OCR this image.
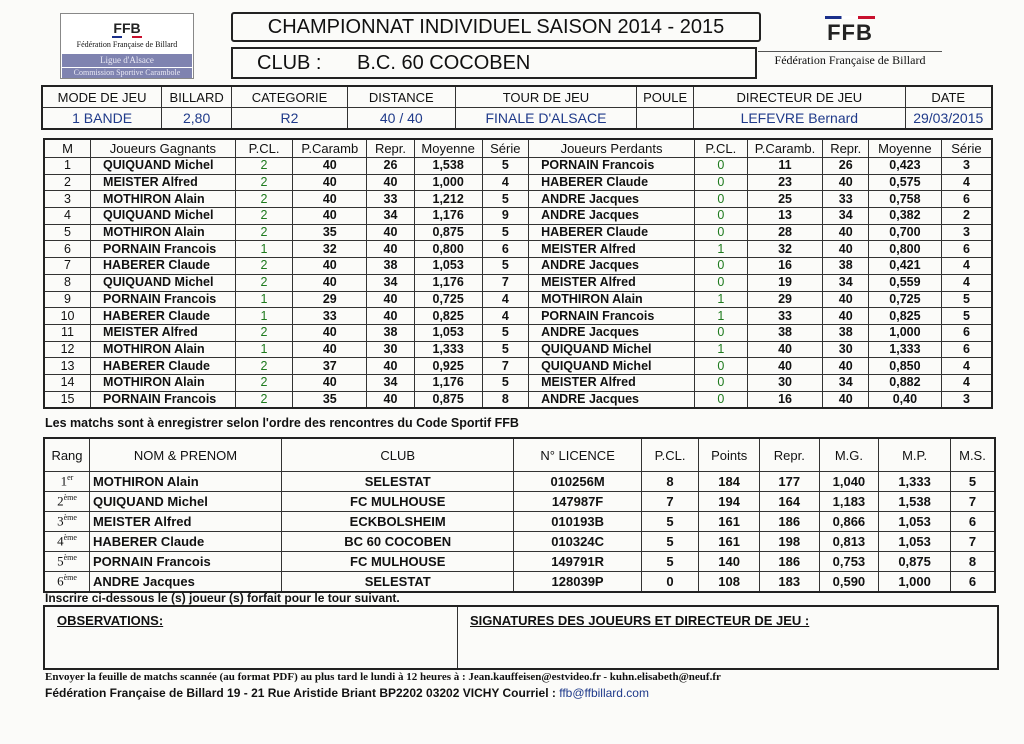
FFB
Fédération Française de Billard
Ligue d'Alsace
Commission Sportive Carambole
CHAMPIONNAT INDIVIDUEL SAISON 2014 - 2015
CLUB : B.C. 60 COCOBEN
FFB
Fédération Française de Billard
MODE DE JEU	BILLARD	CATEGORIE	DISTANCE	TOUR DE JEU	POULE	DIRECTEUR DE JEU	DATE
1 BANDE	2,80	R2	40 / 40	FINALE D'ALSACE		LEFEVRE Bernard	29/03/2015
M	Joueurs Gagnants	P.CL.	P.Caramb	Repr.	Moyenne	Série	Joueurs Perdants	P.CL.	P.Caramb.	Repr.	Moyenne	Série
1	QUIQUAND Michel	2	40	26	1,538	5	PORNAIN Francois	0	11	26	0,423	3
2	MEISTER Alfred	2	40	40	1,000	4	HABERER Claude	0	23	40	0,575	4
3	MOTHIRON Alain	2	40	33	1,212	5	ANDRE Jacques	0	25	33	0,758	6
4	QUIQUAND Michel	2	40	34	1,176	9	ANDRE Jacques	0	13	34	0,382	2
5	MOTHIRON Alain	2	35	40	0,875	5	HABERER Claude	0	28	40	0,700	3
6	PORNAIN Francois	1	32	40	0,800	6	MEISTER Alfred	1	32	40	0,800	6
7	HABERER Claude	2	40	38	1,053	5	ANDRE Jacques	0	16	38	0,421	4
8	QUIQUAND Michel	2	40	34	1,176	7	MEISTER Alfred	0	19	34	0,559	4
9	PORNAIN Francois	1	29	40	0,725	4	MOTHIRON Alain	1	29	40	0,725	5
10	HABERER Claude	1	33	40	0,825	4	PORNAIN Francois	1	33	40	0,825	5
11	MEISTER Alfred	2	40	38	1,053	5	ANDRE Jacques	0	38	38	1,000	6
12	MOTHIRON Alain	1	40	30	1,333	5	QUIQUAND Michel	1	40	30	1,333	6
13	HABERER Claude	2	37	40	0,925	7	QUIQUAND Michel	0	40	40	0,850	4
14	MOTHIRON Alain	2	40	34	1,176	5	MEISTER Alfred	0	30	34	0,882	4
15	PORNAIN Francois	2	35	40	0,875	8	ANDRE Jacques	0	16	40	0,40	3
Les matchs sont à enregistrer selon l'ordre des rencontres du Code Sportif FFB
Rang	NOM & PRENOM	CLUB	N° LICENCE	P.CL.	Points	Repr.	M.G.	M.P.	M.S.
1er	MOTHIRON Alain	SELESTAT	010256M	8	184	177	1,040	1,333	5
2ème	QUIQUAND Michel	FC MULHOUSE	147987F	7	194	164	1,183	1,538	7
3ème	MEISTER Alfred	ECKBOLSHEIM	010193B	5	161	186	0,866	1,053	6
4ème	HABERER Claude	BC 60 COCOBEN	010324C	5	161	198	0,813	1,053	7
5ème	PORNAIN Francois	FC MULHOUSE	149791R	5	140	186	0,753	0,875	8
6ème	ANDRE Jacques	SELESTAT	128039P	0	108	183	0,590	1,000	6
Inscrire ci-dessous le (s) joueur (s) forfait pour le tour suivant.
OBSERVATIONS:	SIGNATURES DES JOUEURS ET DIRECTEUR DE JEU :
Envoyer la feuille de matchs scannée (au format PDF) au plus tard le lundi à 12 heures à : Jean.kauffeisen@estvideo.fr - kuhn.elisabeth@neuf.fr
Fédération Française de Billard 19 - 21 Rue Aristide Briant BP2202 03202 VICHY Courriel : ffb@ffbillard.com
